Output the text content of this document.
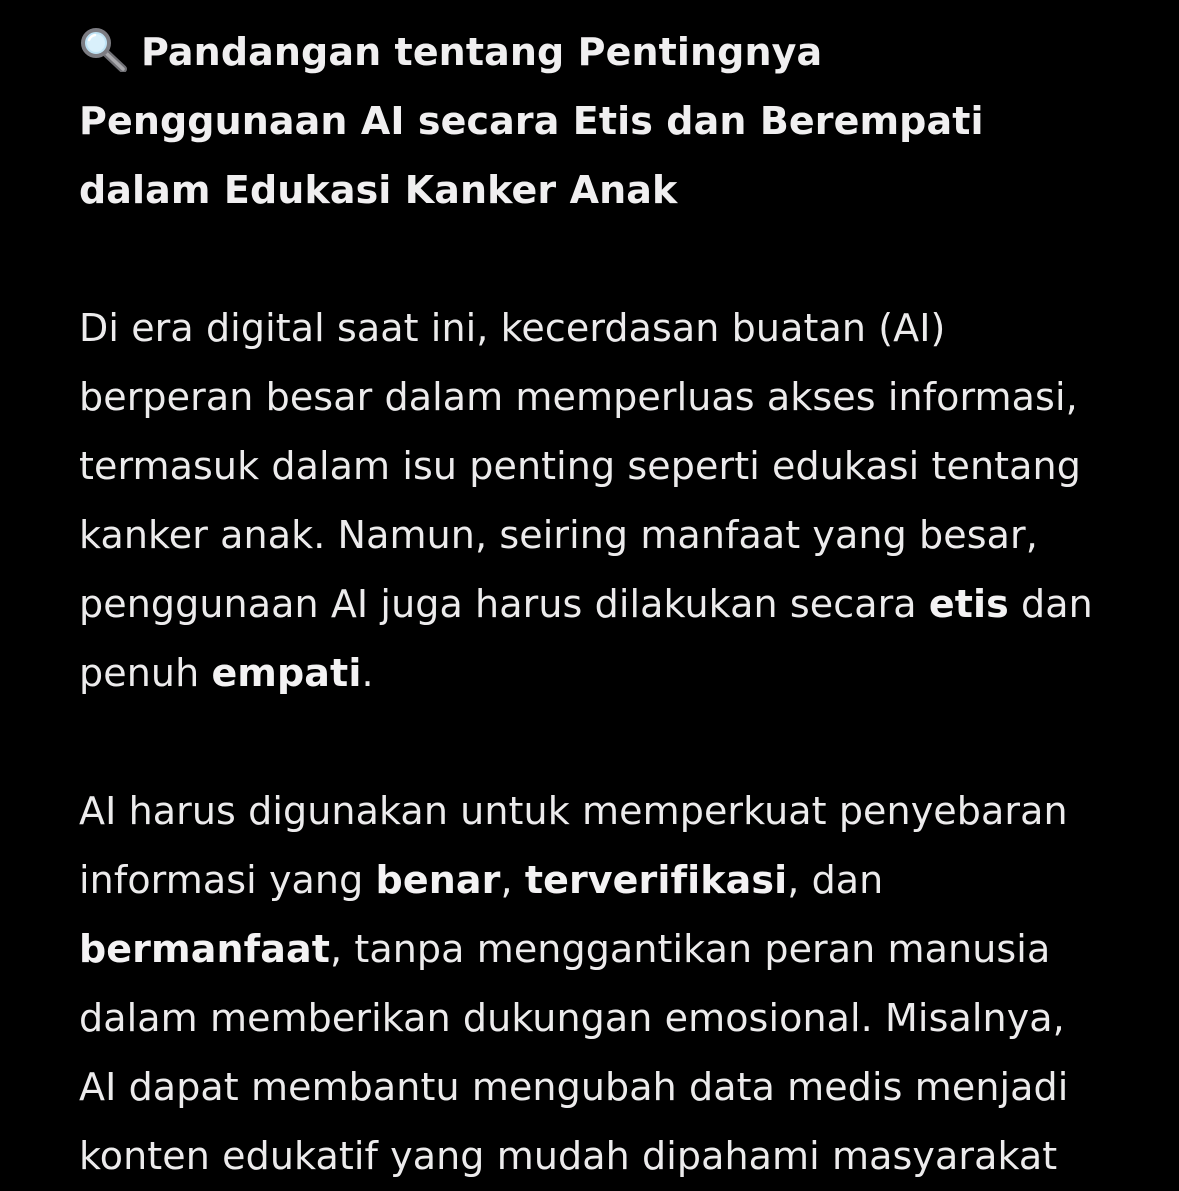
Pandangan tentang Pentingnya Penggunaan AI secara Etis dan Berempati dalam Edukasi Kanker Anak

Di era digital saat ini, kecerdasan buatan (AI) berperan besar dalam memperluas akses informasi, termasuk dalam isu penting seperti edukasi tentang kanker anak. Namun, seiring manfaat yang besar, penggunaan AI juga harus dilakukan secara etis dan penuh empati.

AI harus digunakan untuk memperkuat penyebaran informasi yang benar, terverifikasi, dan bermanfaat, tanpa menggantikan peran manusia dalam memberikan dukungan emosional. Misalnya, AI dapat membantu mengubah data medis menjadi konten edukatif yang mudah dipahami masyarakat
